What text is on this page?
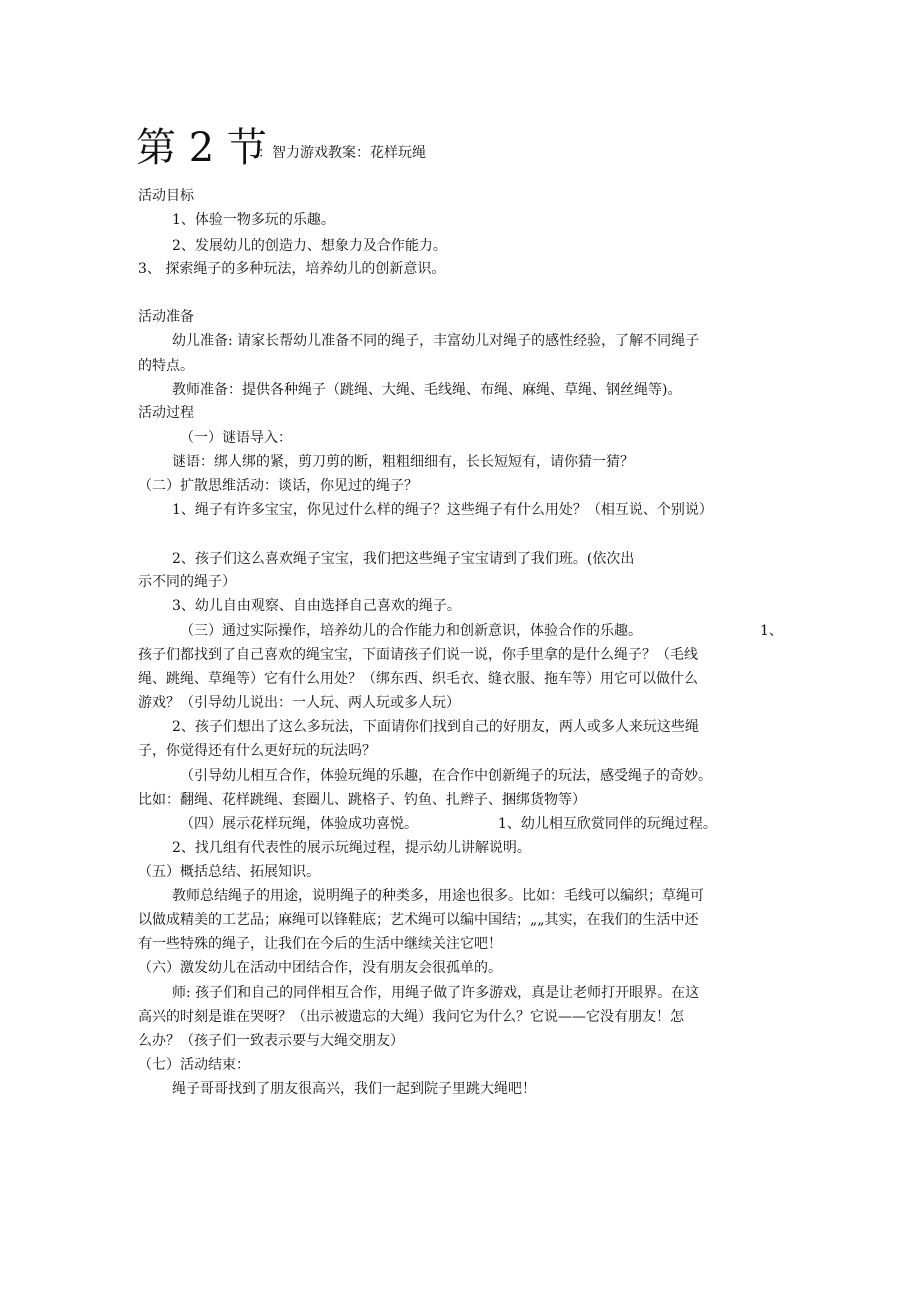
第 2 节
：智力游戏教案：花样玩绳
活动目标
1、体验一物多玩的乐趣。
2、发展幼儿的创造力、想象力及合作能力。
3、 探索绳子的多种玩法，培养幼儿的创新意识。
活动准备
幼儿准备: 请家长帮幼儿准备不同的绳子，丰富幼儿对绳子的感性经验，了解不同绳子
的特点。
教师准备：提供各种绳子（跳绳、大绳、毛线绳、布绳、麻绳、草绳、钢丝绳等)。
活动过程
（一）谜语导入：
谜语：绑人绑的紧，剪刀剪的断，粗粗细细有，长长短短有，请你猜一猜？
（二）扩散思维活动：谈话，你见过的绳子？
1、绳子有许多宝宝，你见过什么样的绳子？这些绳子有什么用处？（相互说、个别说）
2、孩子们这么喜欢绳子宝宝，我们把这些绳子宝宝请到了我们班。(依次出
示不同的绳子）
3、幼儿自由观察、自由选择自己喜欢的绳子。
（三）通过实际操作，培养幼儿的合作能力和创新意识，体验合作的乐趣。	1、
孩子们都找到了自己喜欢的绳宝宝，下面请孩子们说一说，你手里拿的是什么绳子？（毛线
绳、跳绳、草绳等）它有什么用处？（绑东西、织毛衣、缝衣服、拖车等）用它可以做什么
游戏？（引导幼儿说出：一人玩、两人玩或多人玩）
2、孩子们想出了这么多玩法，下面请你们找到自己的好朋友，两人或多人来玩这些绳
子，你觉得还有什么更好玩的玩法吗？
（引导幼儿相互合作，体验玩绳的乐趣，在合作中创新绳子的玩法，感受绳子的奇妙。
比如：翻绳、花样跳绳、套圈儿、跳格子、钓鱼、扎辫子、捆绑货物等）
（四）展示花样玩绳，体验成功喜悦。	1、幼儿相互欣赏同伴的玩绳过程。
2、找几组有代表性的展示玩绳过程，提示幼儿讲解说明。
（五）概括总结、拓展知识。
教师总结绳子的用途，说明绳子的种类多，用途也很多。比如：毛线可以编织；草绳可
以做成精美的工艺品；麻绳可以锋鞋底；艺术绳可以编中国结；„„其实，在我们的生活中还
有一些特殊的绳子，让我们在今后的生活中继续关注它吧！
（六）激发幼儿在活动中团结合作，没有朋友会很孤单的。
师: 孩子们和自己的同伴相互合作，用绳子做了许多游戏，真是让老师打开眼界。在这
高兴的时刻是谁在哭呀？（出示被遗忘的大绳）我问它为什么？它说——它没有朋友！怎
么办？（孩子们一致表示要与大绳交朋友）
（七）活动结束：
绳子哥哥找到了朋友很高兴，我们一起到院子里跳大绳吧！
